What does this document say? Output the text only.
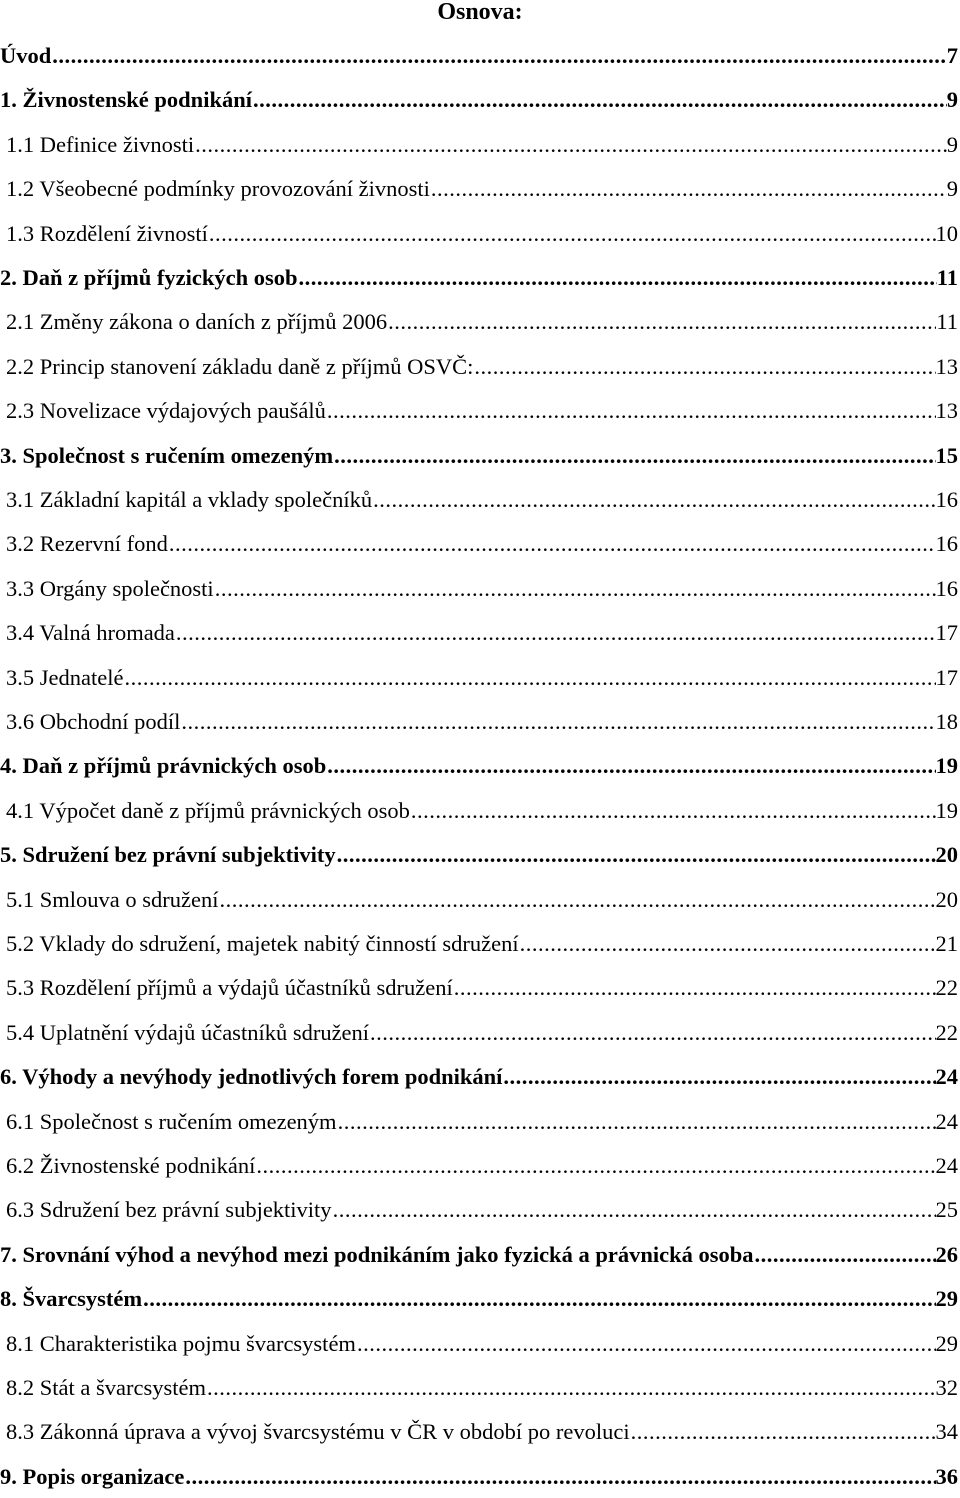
Osnova:
Úvod .....	7
1. Živnostenské podnikání .....	9
1.1 Definice živnosti .....	9
1.2 Všeobecné podmínky provozování živnosti .....	9
1.3 Rozdělení živností .....	10
2. Daň z příjmů fyzických osob .....	11
2.1 Změny zákona o daních z příjmů 2006 .....	11
2.2 Princip stanovení základu daně z příjmů OSVČ: .....	13
2.3 Novelizace výdajových paušálů .....	13
3. Společnost s ručením omezeným .....	15
3.1 Základní kapitál a vklady společníků .....	16
3.2 Rezervní fond .....	16
3.3 Orgány společnosti .....	16
3.4 Valná hromada .....	17
3.5 Jednatelé .....	17
3.6 Obchodní podíl .....	18
4. Daň z příjmů právnických osob .....	19
4.1 Výpočet daně z příjmů právnických osob .....	19
5. Sdružení bez právní subjektivity .....	20
5.1 Smlouva o sdružení .....	20
5.2 Vklady do sdružení, majetek nabitý činností sdružení .....	21
5.3 Rozdělení příjmů a výdajů účastníků sdružení .....	22
5.4 Uplatnění výdajů účastníků sdružení .....	22
6. Výhody a nevýhody jednotlivých forem podnikání .....	24
6.1 Společnost s ručením omezeným .....	24
6.2 Živnostenské podnikání .....	24
6.3 Sdružení bez právní subjektivity .....	25
7. Srovnání výhod a nevýhod mezi podnikáním jako fyzická a právnická osoba .....	26
8. Švarcsystém .....	29
8.1 Charakteristika pojmu švarcsystém .....	29
8.2 Stát a švarcsystém .....	32
8.3 Zákonná úprava a vývoj švarcsystému v ČR v období po revoluci .....	34
9. Popis organizace .....	36
